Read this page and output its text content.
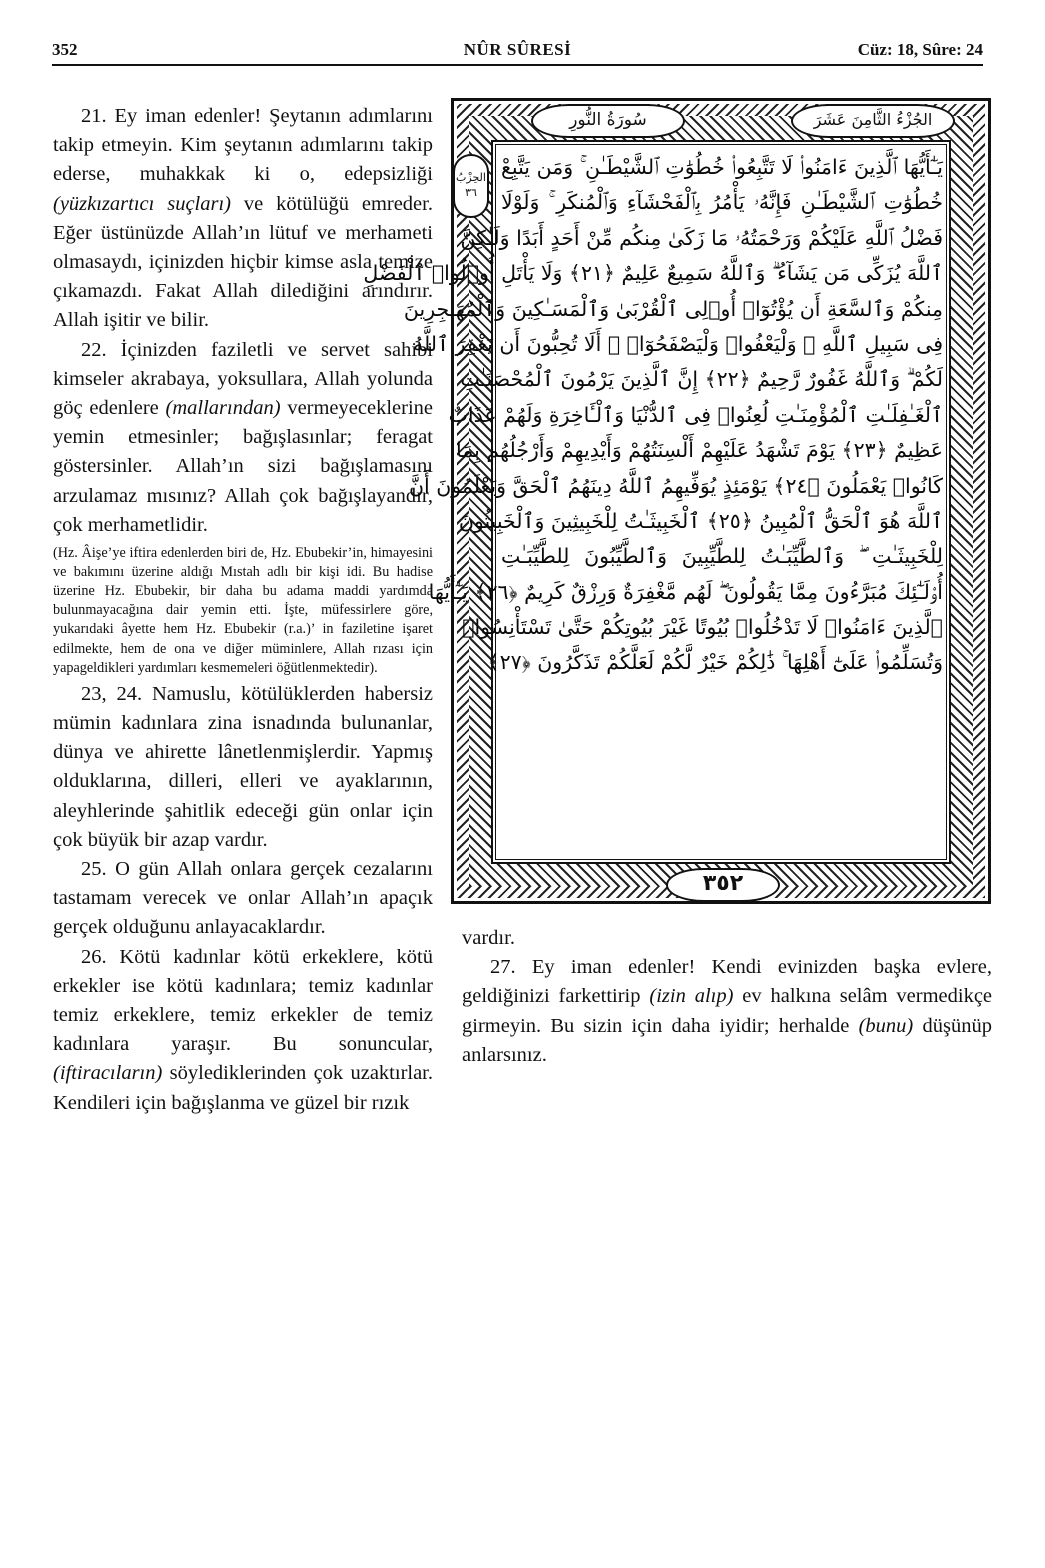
352	NÛR SÛRESİ	Cüz: 18, Sûre: 24

21. Ey iman edenler! Şeytanın adımlarını takip etmeyin. Kim şeytanın adımlarını takip ederse, muhakkak ki o, edepsizliği (yüzkızartıcı suçları) ve kötülüğü emreder. Eğer üstünüzde Allah’ın lütuf ve merhameti olmasaydı, içinizden hiçbir kimse asla temize çıkamazdı. Fakat Allah dilediğini arındırır. Allah işitir ve bilir.

22. İçinizden faziletli ve servet sahibi kimseler akrabaya, yoksullara, Allah yolunda göç edenlere (mallarından) vermeyeceklerine yemin etmesinler; bağışlasınlar; feragat göstersinler. Allah’ın sizi bağışlamasını arzulamaz mısınız? Allah çok bağışlayandır, çok merhametlidir.

(Hz. Âişe’ye iftira edenlerden biri de, Hz. Ebubekir’in, himayesini ve bakımını üzerine aldığı Mıstah adlı bir kişi idi. Bu hadise üzerine Hz. Ebubekir, bir daha bu adama maddi yardımda bulunmayacağına dair yemin etti. İşte, müfessirlere göre, yukarıdaki âyette hem Hz. Ebubekir (r.a.)’ in faziletine işaret edilmekte, hem de ona ve diğer müminlere, Allah rızası için yapageldikleri yardımları kesmemeleri öğütlenmektedir).

23, 24. Namuslu, kötülüklerden habersiz mümin kadınlara zina isnadında bulunanlar, dünya ve ahirette lânetlenmişlerdir. Yapmış olduklarına, dilleri, elleri ve ayaklarının, aleyhlerinde şahitlik edeceği gün onlar için çok büyük bir azap vardır.

25. O gün Allah onlara gerçek cezalarını tastamam verecek ve onlar Allah’ın apaçık gerçek olduğunu anlayacaklardır.

26. Kötü kadınlar kötü erkeklere, kötü erkekler ise kötü kadınlara; temiz kadınlar temiz erkeklere, temiz erkekler de temiz kadınlara yaraşır. Bu sonuncular, (iftiracıların) söylediklerinden çok uzaktırlar. Kendileri için bağışlanma ve güzel bir rızık

سُورَةُ النُّورِ	الجُزْءُ الثَّامِنَ عَشَرَ
الحِزْبُ
٣٦
يَـٰٓأَيُّهَا ٱلَّذِينَ ءَامَنُوا۟ لَا تَتَّبِعُوا۟ خُطُوَٰتِ ٱلشَّيْطَـٰنِ ۚ وَمَن يَتَّبِعْ
خُطُوَٰتِ ٱلشَّيْطَـٰنِ فَإِنَّهُۥ يَأْمُرُ بِٱلْفَحْشَآءِ وَٱلْمُنكَرِ ۚ وَلَوْلَا
فَضْلُ ٱللَّهِ عَلَيْكُمْ وَرَحْمَتُهُۥ مَا زَكَىٰ مِنكُم مِّنْ أَحَدٍ أَبَدًا وَلَـٰكِنَّ
ٱللَّهَ يُزَكِّى مَن يَشَآءُ ۗ وَٱللَّهُ سَمِيعٌ عَلِيمٌ ﴿٢١﴾ وَلَا يَأْتَلِ أُو۟لُوا۟ ٱلْفَضْلِ
مِنكُمْ وَٱلسَّعَةِ أَن يُؤْتُوٓا۟ أُو۟لِى ٱلْقُرْبَىٰ وَٱلْمَسَـٰكِينَ وَٱلْمُهَـٰجِرِينَ
فِى سَبِيلِ ٱللَّهِ ۖ وَلْيَعْفُوا۟ وَلْيَصْفَحُوٓا۟ ۗ أَلَا تُحِبُّونَ أَن يَغْفِرَ ٱللَّهُ
لَكُمْ ۗ وَٱللَّهُ غَفُورٌ رَّحِيمٌ ﴿٢٢﴾ إِنَّ ٱلَّذِينَ يَرْمُونَ ٱلْمُحْصَنَـٰتِ
ٱلْغَـٰفِلَـٰتِ ٱلْمُؤْمِنَـٰتِ لُعِنُوا۟ فِى ٱلدُّنْيَا وَٱلْـَٔاخِرَةِ وَلَهُمْ عَذَابٌ
عَظِيمٌ ﴿٢٣﴾ يَوْمَ تَشْهَدُ عَلَيْهِمْ أَلْسِنَتُهُمْ وَأَيْدِيهِمْ وَأَرْجُلُهُم بِمَا
كَانُوا۟ يَعْمَلُونَ ﴿٢٤﴾ يَوْمَئِذٍ يُوَفِّيهِمُ ٱللَّهُ دِينَهُمُ ٱلْحَقَّ وَيَعْلَمُونَ أَنَّ
ٱللَّهَ هُوَ ٱلْحَقُّ ٱلْمُبِينُ ﴿٢٥﴾ ٱلْخَبِيثَـٰتُ لِلْخَبِيثِينَ وَٱلْخَبِيثُونَ
لِلْخَبِيثَـٰتِ ۖ وَٱلطَّيِّبَـٰتُ لِلطَّيِّبِينَ وَٱلطَّيِّبُونَ لِلطَّيِّبَـٰتِ
أُو۟لَـٰٓئِكَ مُبَرَّءُونَ مِمَّا يَقُولُونَ ۖ لَهُم مَّغْفِرَةٌ وَرِزْقٌ كَرِيمٌ ﴿٢٦﴾ يَـٰٓأَيُّهَا
ٱلَّذِينَ ءَامَنُوا۟ لَا تَدْخُلُوا۟ بُيُوتًا غَيْرَ بُيُوتِكُمْ حَتَّىٰ تَسْتَأْنِسُوا۟
وَتُسَلِّمُوا۟ عَلَىٰٓ أَهْلِهَا ۚ ذَٰلِكُمْ خَيْرٌ لَّكُمْ لَعَلَّكُمْ تَذَكَّرُونَ ﴿٢٧﴾
٣٥٢

vardır.

27. Ey iman edenler! Kendi evinizden başka evlere, geldiğinizi farkettirip (izin alıp) ev halkına selâm vermedikçe girmeyin. Bu sizin için daha iyidir; herhalde (bunu) düşünüp anlarsınız.
